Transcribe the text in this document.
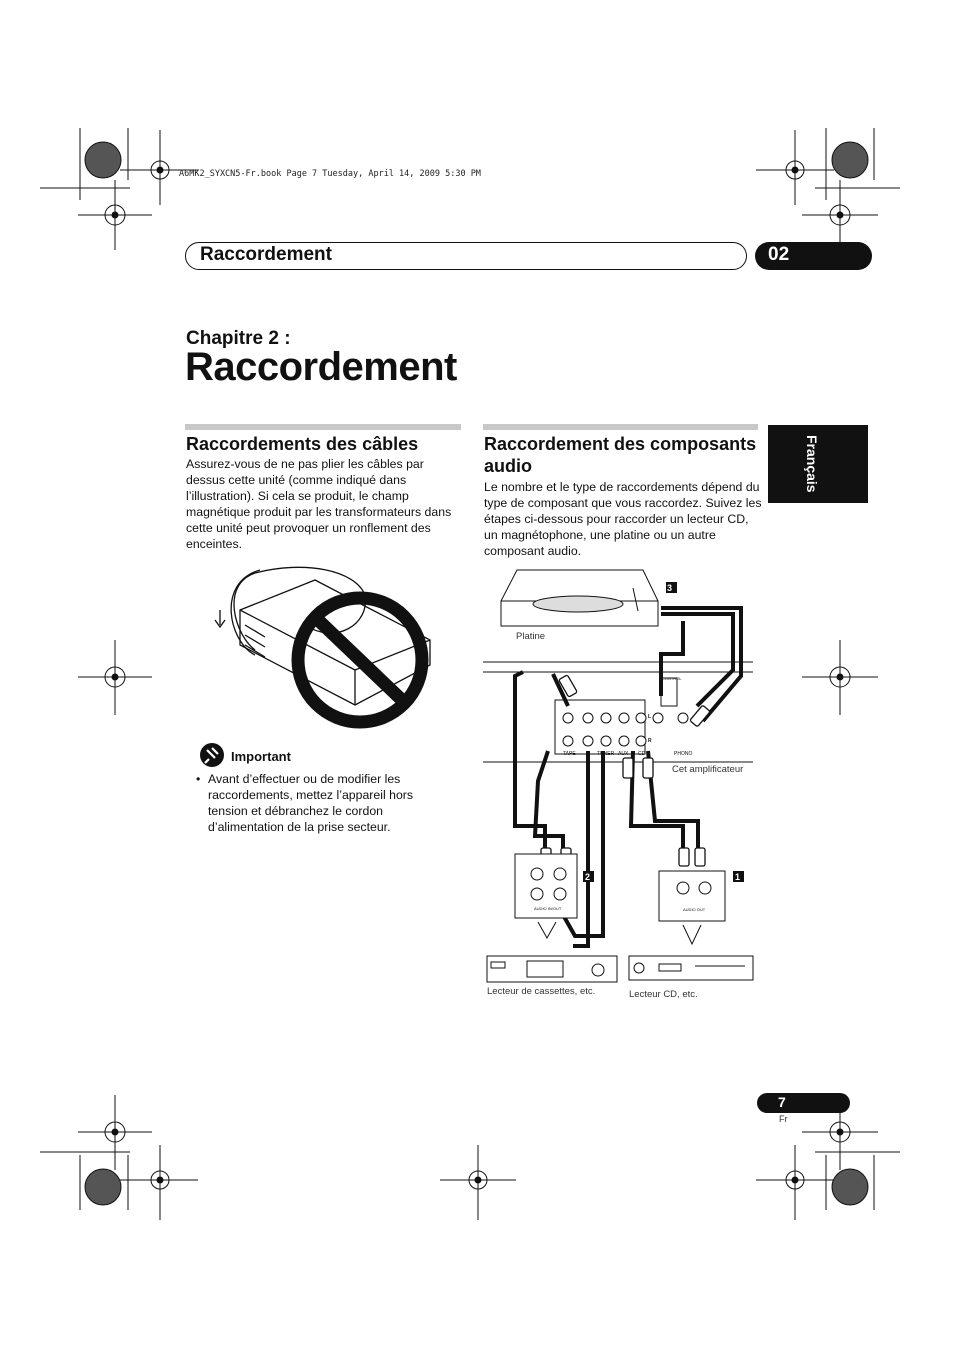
A6MK2_SYXCN5-Fr.book Page 7 Tuesday, April 14, 2009 5:30 PM
Raccordement	02
Chapitre 2 :
Raccordement
Français
Raccordements des câbles
Assurez-vous de ne pas plier les câbles par dessus cette unité (comme indiqué dans l’illustration). Si cela se produit, le champ magnétique produit par les transformateurs dans cette unité peut provoquer un ronflement des enceintes.
Important
• Avant d’effectuer ou de modifier les raccordements, mettez l’appareil hors tension et débranchez le cordon d’alimentation de la prise secteur.
Raccordement des composants audio
Le nombre et le type de raccordements dépend du type de composant que vous raccordez. Suivez les étapes ci-dessous pour raccorder un lecteur CD, un magnétophone, une platine ou un autre composant audio.
3
2	1
TAPE	TUNER AUX CD	PHONO
CONTROL
L
R
AUDIO IN/OUT	AUDIO OUT
Platine
Cet amplificateur
Lecteur de cassettes, etc.	Lecteur CD, etc.
7
Fr
